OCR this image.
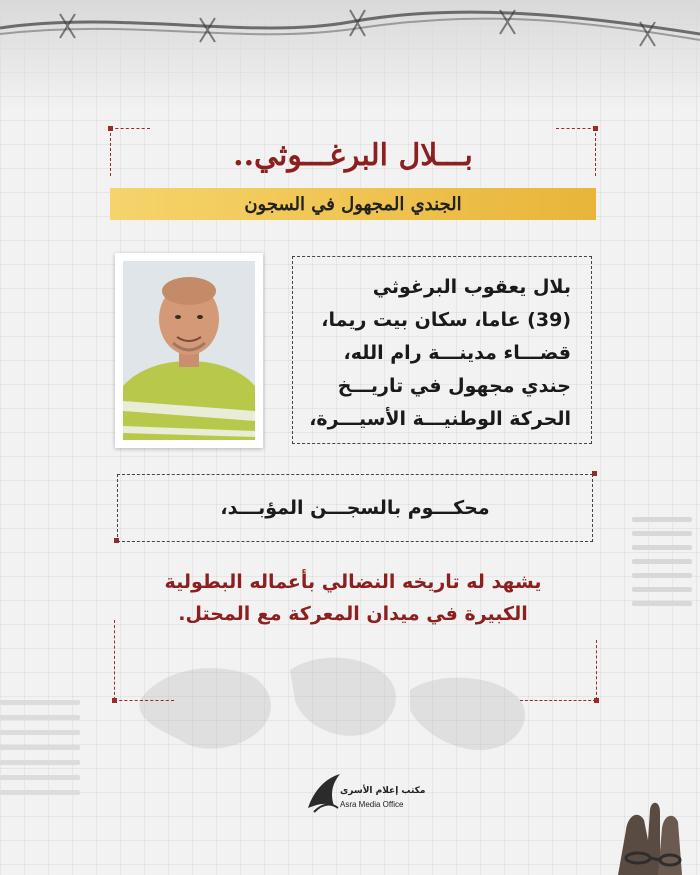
بـــلال البرغـــوثي..
الجندي المجهول في السجون
بلال يعقوب البرغوثي
(39) عاما، سكان بيت ريما،
قضـــاء مدينـــة رام الله،
جندي مجهول في تاريـــخ
الحركة الوطنيـــة الأسيـــرة،
محكـــوم بالسجـــن المؤبـــد،
يشهد له تاريخه النضالي بأعماله البطولية
الكبيرة في ميدان المعركة مع المحتل.
مكتب إعلام الأسرى
Asra Media Office
